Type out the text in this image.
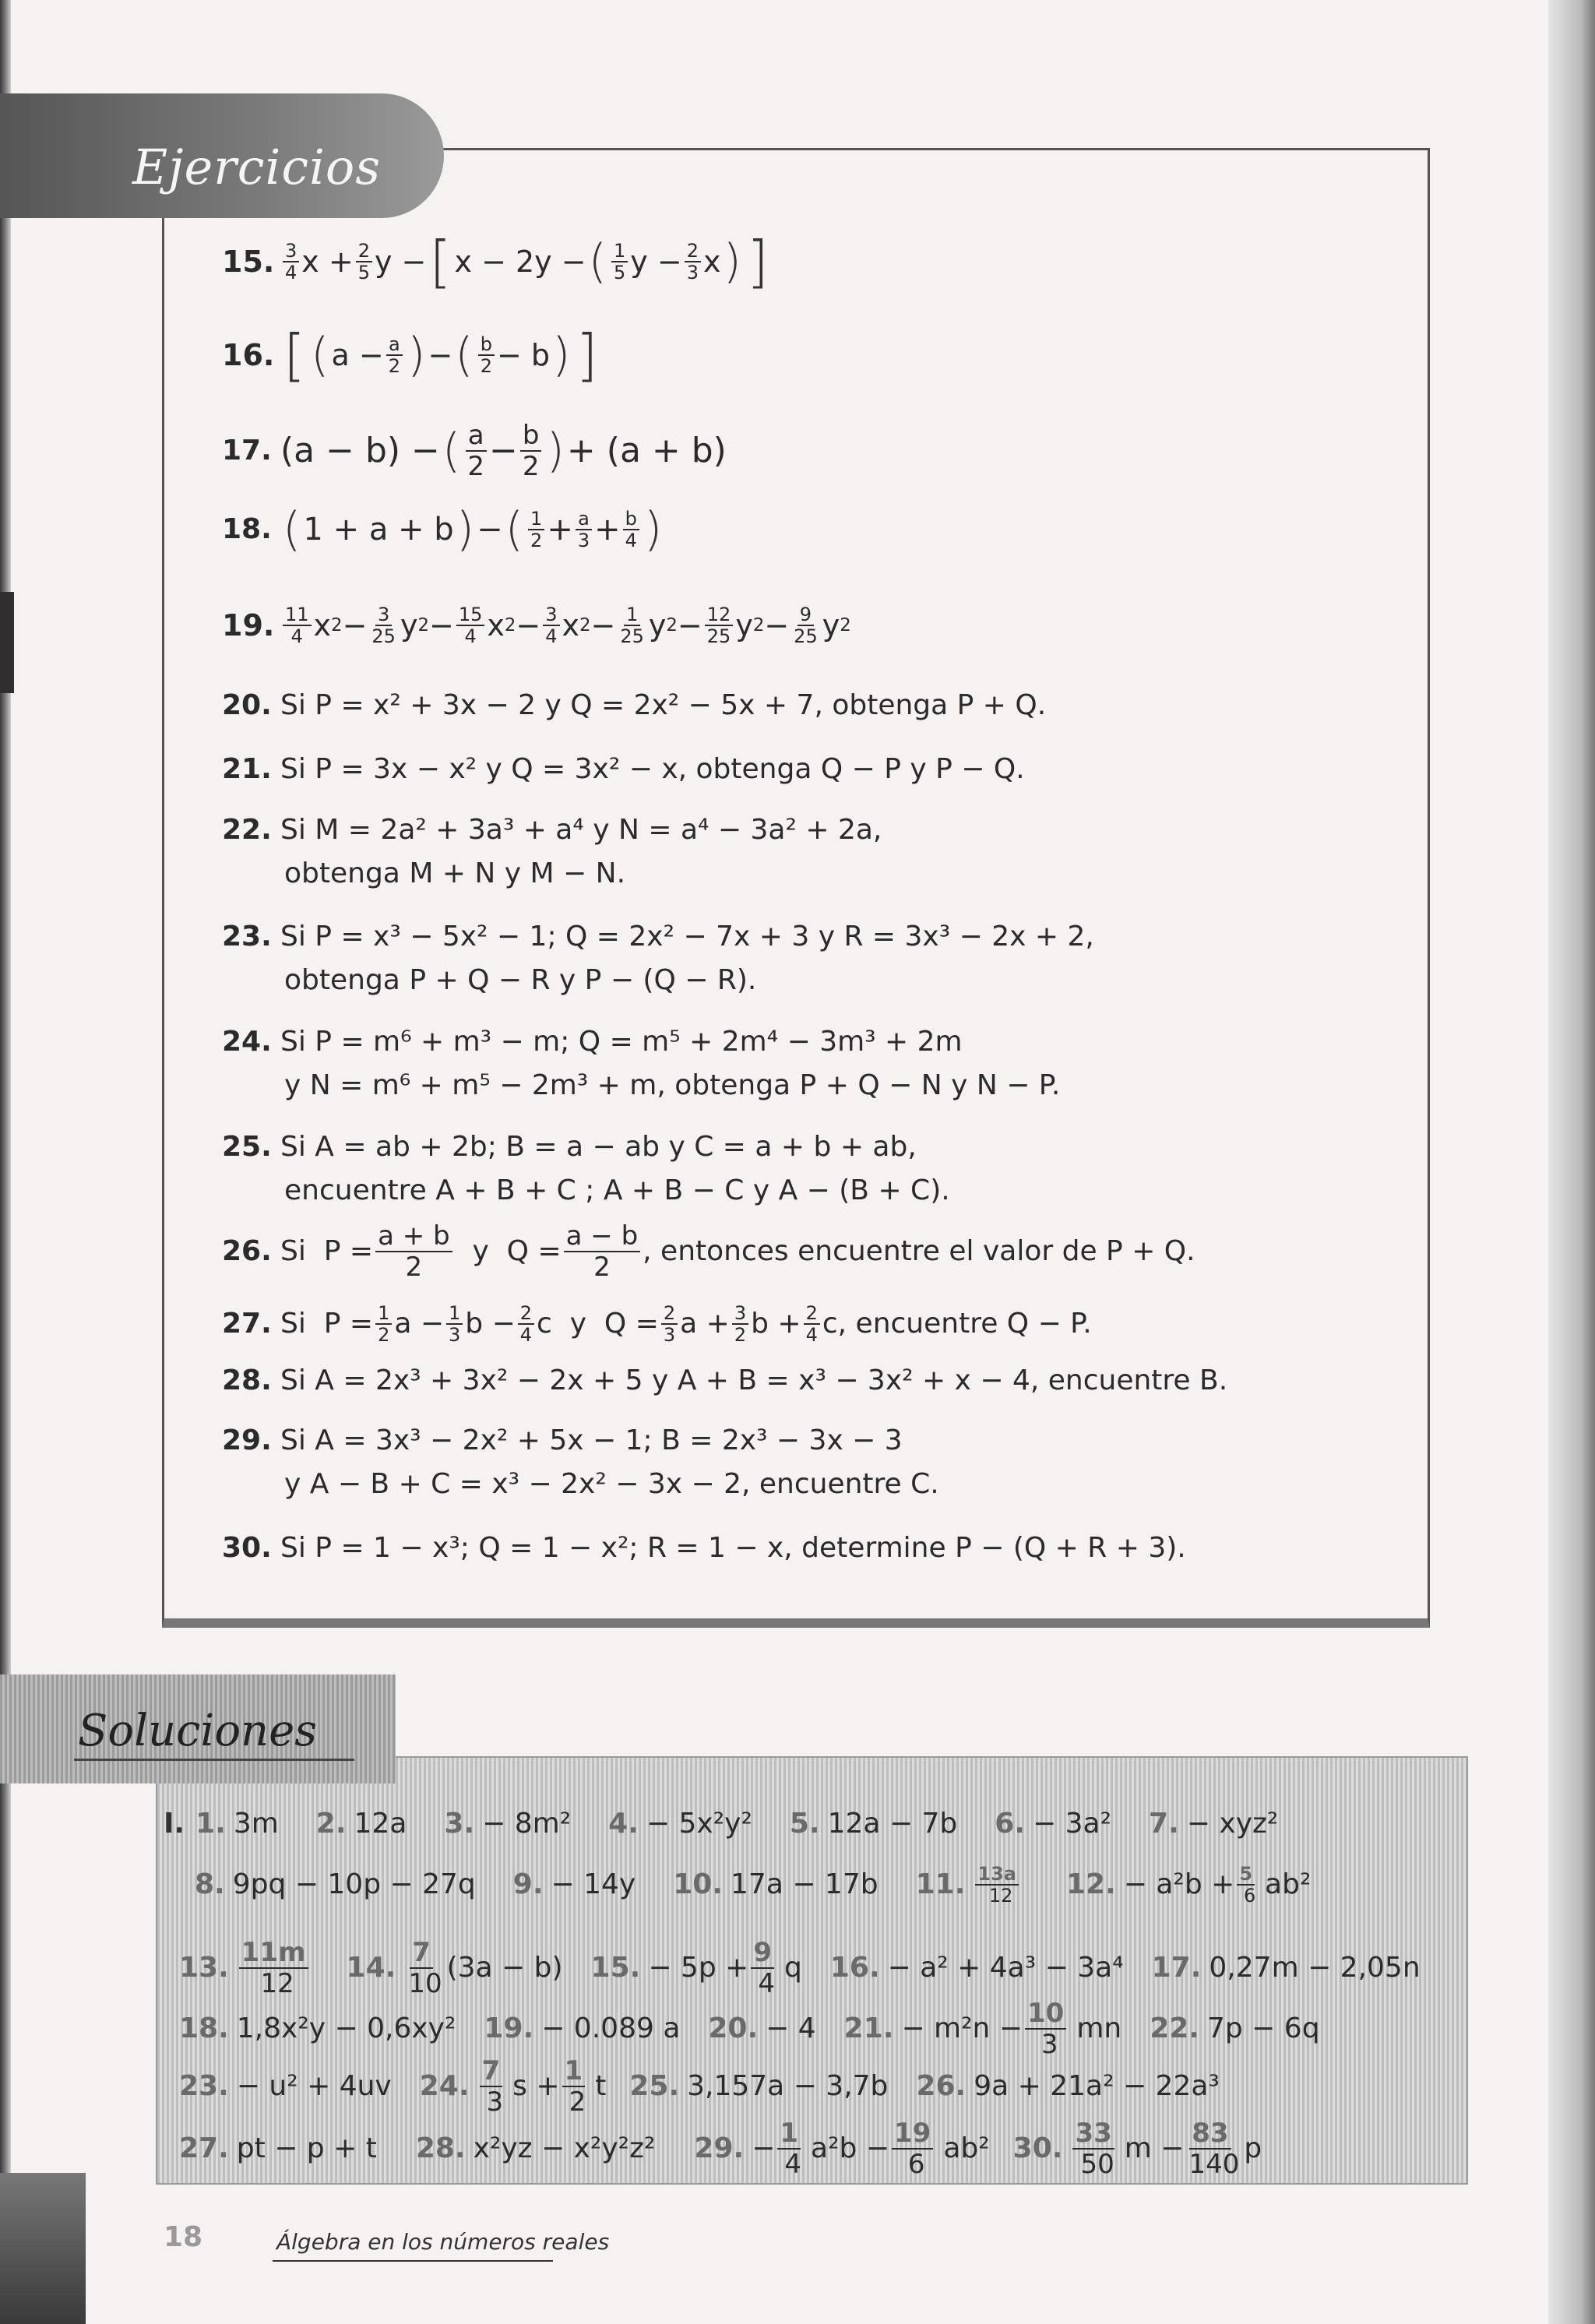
Ejercicios
15. $\frac{3}{4}$ $x + \frac{2}{5}$ y − [ x − 2y − ( $\frac{1}{5}$ $y - \frac{2}{3}$ x ) ]
16. [ ( $a - \frac{a}{2}$ ) − ( $\frac{b}{2} - b$ ) ]
17. (a − b) − ( $\frac{a}{2} - \frac{b}{2}$ ) + (a + b)
18. ( 1 + a + b ) − ( $\frac{1}{2} + \frac{a}{3} + \frac{b}{4}$ )
19. $\frac{11}{4}$ x $2 - \frac{3}{25}$ y $2 - \frac{15}{4}$ x $2 - \frac{3}{4}$ x $2 - \frac{1}{25}$ y $2 - \frac{12}{25}$ y $2 - \frac{9}{25}$ y 2
20. Si P = x² + 3x − 2 y Q = 2x² − 5x + 7, obtenga P + Q.
21. Si P = 3x − x² y Q = 3x² − x, obtenga Q − P y P − Q.
22. Si M = 2a² + 3a³ + a⁴ y N = a⁴ − 3a² + 2a,
obtenga M + N y M − N.
23. Si P = x³ − 5x² − 1; Q = 2x² − 7x + 3 y R = 3x³ − 2x + 2,
obtenga P + Q − R y P − (Q − R).
24. Si P = m⁶ + m³ − m; Q = m⁵ + 2m⁴ − 3m³ + 2m
y N = m⁶ + m⁵ − 2m³ + m, obtenga P + Q − N y N − P.
25. Si A = ab + 2b; B = a − ab y C = a + b + ab,
encuentre A + B + C ; A + B − C y A − (B + C).
26. Si  $P = \frac{a + b}{2}$ y  $Q = \frac{a - b}{2}$ , entonces encuentre el valor de P + Q.
27. Si  $P = \frac{1}{2}$ $a - \frac{1}{3}$ $b - \frac{2}{4}$ c  y  $Q = \frac{2}{3}$ $a + \frac{3}{2}$ $b + \frac{2}{4}$ c , encuentre Q − P.
28. Si A = 2x³ + 3x² − 2x + 5 y A + B = x³ − 3x² + x − 4, encuentre B.
29. Si A = 3x³ − 2x² + 5x − 1; B = 2x³ − 3x − 3
y A − B + C = x³ − 2x² − 3x − 2, encuentre C.
30. Si P = 1 − x³; Q = 1 − x²; R = 1 − x, determine P − (Q + R + 3).
Soluciones
I. 1. 3m 2. 12a 3. − 8m² 4. − 5x²y² 5. 12a − 7b 6. − 3a² 7. − xyz²
8. 9pq − 10p − 27q 9. − 14y 10. 17a − 17b 11. $\frac{13a}{12} 12$. − $a^2b + \frac{5}{6} ab^2$
13. $\frac{11m}{12} 14$. $\frac{7}{10} (3a - b) 15$. − $5p + \frac{9}{4}$ q 16. − a² + 4a³ − 3a⁴ 17. 0,27m − 2,05n
18. 1,8x²y − 0,6xy² 19. − 0.089 a 20. − 4 21. − $m^2n - \frac{10}{3}$ mn 22. 7p − 6q
23. − u² + 4uv 24. $\frac{7}{3}$ $s + \frac{1}{2}$ t 25. 3,157a − 3,7b 26. 9a + 21a² − 22a³
27. pt − p + t 28. x²yz − x²y²z² 29. − $\frac{1}{4} a^2b - \frac{19}{6} ab^2$ 30. $\frac{33}{50}$ $m - \frac{83}{140}$ p
18	Álgebra en los números reales
